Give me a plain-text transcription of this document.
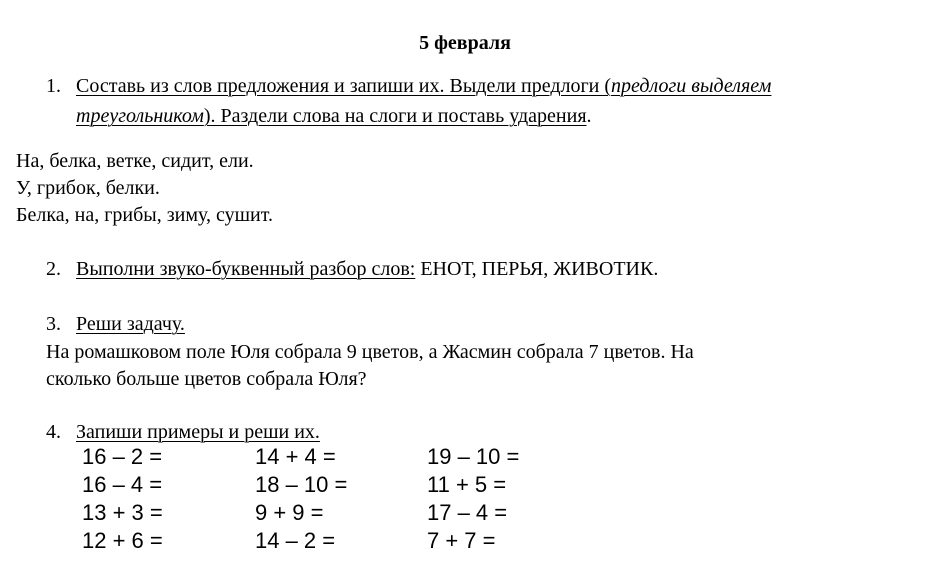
5 февраля
1. Составь из слов предложения и запиши их. Выдели предлоги (предлоги выделяем
треугольником). Раздели слова на слоги и поставь ударения.
На, белка, ветке, сидит, ели.
У, грибок, белки.
Белка, на, грибы, зиму, сушит.
2. Выполни звуко-буквенный разбор слов: ЕНОТ, ПЕРЬЯ, ЖИВОТИК.
3. Реши задачу.
На ромашковом поле Юля собрала 9 цветов, а Жасмин собрала 7 цветов. На
сколько больше цветов собрала Юля?
4. Запиши примеры и реши их.
16 – 2 =
16 – 4 =
13 + 3 =
12 + 6 =
14 + 4 =
18 – 10 =
9 + 9 =
14 – 2 =
19 – 10 =
11 + 5 =
17 – 4 =
7 + 7 =
